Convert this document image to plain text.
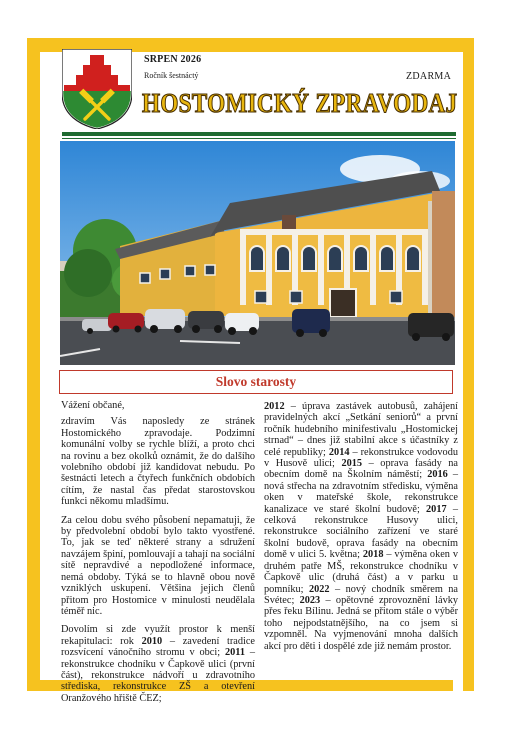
SRPEN 2026
Ročník šestnáctý	ZDARMA
HOSTOMICKÝ ZPRAVODAJ
Slovo starosty

Vážení občané,

zdravím Vás naposledy ze stránek Hostomického zpravodaje. Podzimní komunální volby se rychle blíží, a proto chci na rovinu a bez okolků oznámit, že do dalšího volebního období již kandidovat nebudu. Po šestnácti letech a čtyřech funkčních obdobích cítím, že nastal čas předat starostovskou funkci někomu mladšímu.

Za celou dobu svého působení nepamatuji, že by předvolební období bylo takto vyostřené. To, jak se teď některé strany a sdružení navzájem špiní, pomlouvají a tahají na sociální sítě nepravdivé a nepodložené informace, nemá obdoby. Týká se to hlavně obou nově vzniklých uskupení. Většina jejich členů přitom pro Hostomice v minulosti neudělala téměř nic.

Dovolím si zde využít prostor k menší rekapitulaci: rok 2010 – zavedení tradice rozsvícení vánočního stromu v obci; 2011 – rekonstrukce chodníku v Čapkově ulici (první část), rekonstrukce nádvoří u zdravotního střediska, rekonstrukce ZŠ a otevření Oranžového hřiště ČEZ;

2012 – úprava zastávek autobusů, zahájení pravidelných akcí „Setkání seniorů“ a první ročník hudebního minifestivalu „Hostomickej strnad“ – dnes již stabilní akce s účastníky z celé republiky; 2014 – rekonstrukce vodovodu v Husově ulici; 2015 – oprava fasády na obecním domě na Školním náměstí; 2016 – nová střecha na zdravotním středisku, výměna oken v mateřské škole, rekonstrukce kanalizace ve staré školní budově; 2017 – celková rekonstrukce Husovy ulici, rekonstrukce sociálního zařízení ve staré školní budově, oprava fasády na obecním domě v ulici 5. května; 2018 – výměna oken v druhém patře MŠ, rekonstrukce chodníku v Čapkově ulic (druhá část) a v parku u pomníku; 2022 – nový chodník směrem na Svétec; 2023 – opětovné zprovoznění lávky přes řeku Bílinu. Jedná se přitom stále o výběr toho nejpodstatnějšího, na co jsem si vzpomněl. Na vyjmenování mnoha dalších akcí pro děti i dospělé zde již nemám prostor.
